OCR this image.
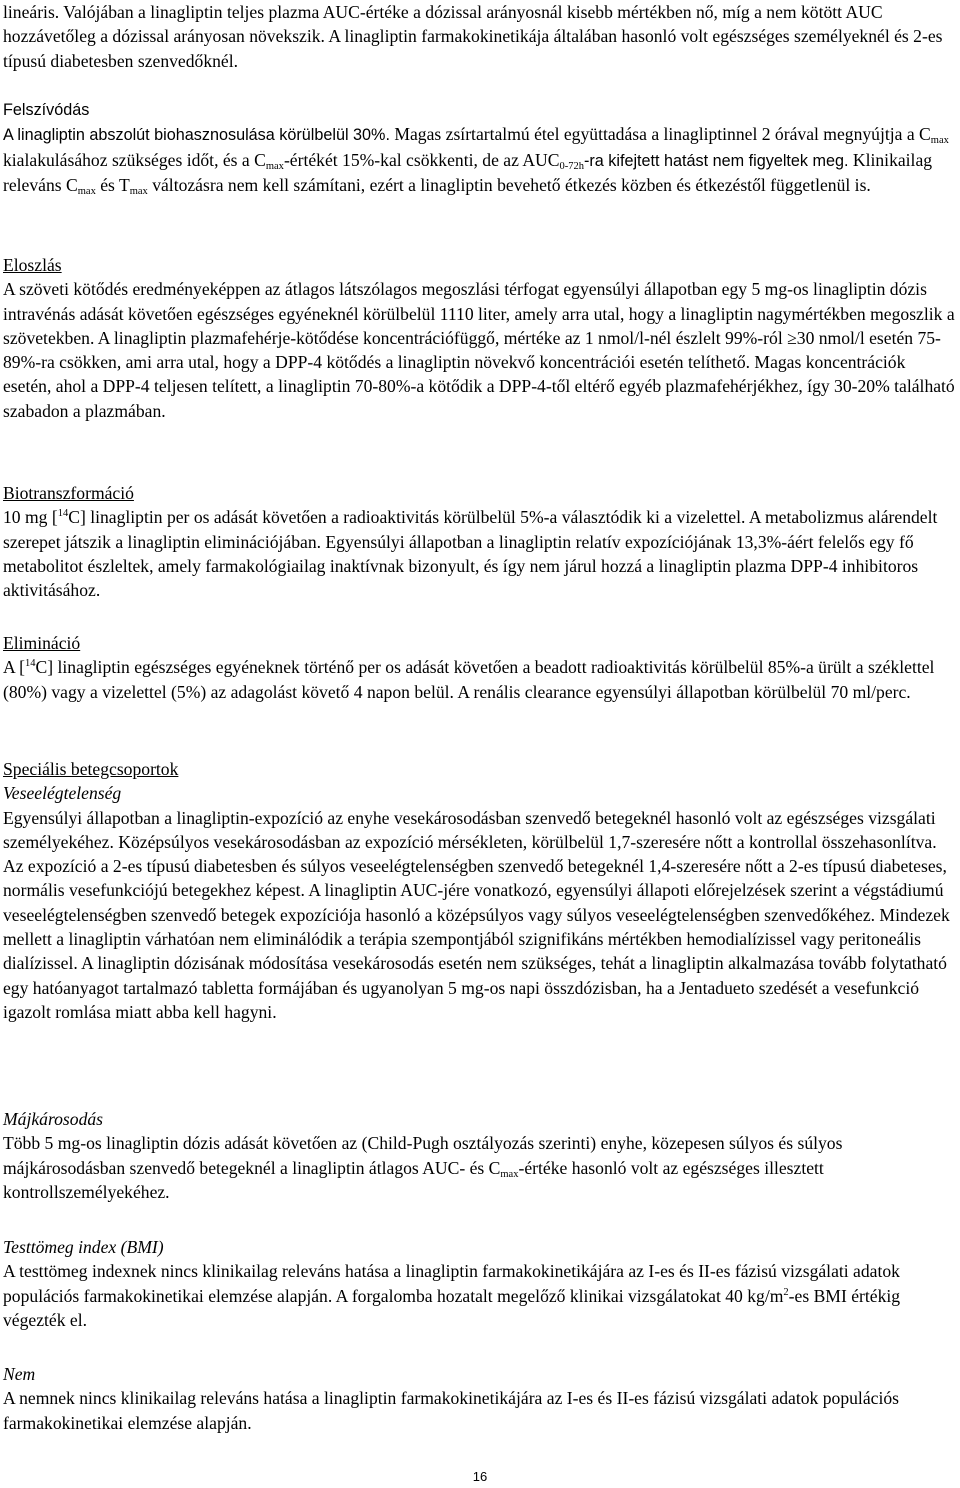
lineáris. Valójában a linagliptin teljes plazma AUC-értéke a dózissal arányosnál kisebb mértékben nő, míg a nem kötött AUC hozzávetőleg a dózissal arányosan növekszik. A linagliptin farmakokinetikája általában hasonló volt egészséges személyeknél és 2-es típusú diabetesben szenvedőknél.

Felszívódás

A linagliptin abszolút biohasznosulása körülbelül 30%. Magas zsírtartalmú étel együttadása a linagliptinnel 2 órával megnyújtja a $C_{max}$ kialakulásához szükséges időt, és a $C_{max}$-értékét 15%-kal csökkenti, de az $AUC_{0-72h}-ra$ kifejtett hatást nem figyeltek meg. Klinikailag releváns $C_{max}$ és $T_{max}$ változásra nem kell számítani, ezért a linagliptin bevehető étkezés közben és étkezéstől függetlenül is.

Eloszlás

A szöveti kötődés eredményeképpen az átlagos látszólagos megoszlási térfogat egyensúlyi állapotban egy 5 mg-os linagliptin dózis intravénás adását követően egészséges egyéneknél körülbelül 1110 liter, amely arra utal, hogy a linagliptin nagymértékben megoszlik a szövetekben. A linagliptin plazmafehérje-kötődése koncentrációfüggő, mértéke az 1 nmol/l-nél észlelt 99%-ról ≥30 nmol/l esetén 75-89%-ra csökken, ami arra utal, hogy a DPP-4 kötődés a linagliptin növekvő koncentrációi esetén telíthető. Magas koncentrációk esetén, ahol a DPP-4 teljesen telített, a linagliptin 70-80%-a kötődik a DPP-4-től eltérő egyéb plazmafehérjékhez, így 30-20% található szabadon a plazmában.

Biotranszformáció

10 mg [$^{14}$C] linagliptin per os adását követően a radioaktivitás körülbelül 5%-a választódik ki a vizelettel. A metabolizmus alárendelt szerepet játszik a linagliptin eliminációjában. Egyensúlyi állapotban a linagliptin relatív expozíciójának 13,3%-áért felelős egy fő metabolitot észleltek, amely farmakológiailag inaktívnak bizonyult, és így nem járul hozzá a linagliptin plazma DPP-4 inhibitoros aktivitásához.

Elimináció

A [$^{14}$C] linagliptin egészséges egyéneknek történő per os adását követően a beadott radioaktivitás körülbelül 85%-a ürült a széklettel (80%) vagy a vizelettel (5%) az adagolást követő 4 napon belül. A renális clearance egyensúlyi állapotban körülbelül 70 ml/perc.

Speciális betegcsoportok

Veseelégtelenség

Egyensúlyi állapotban a linagliptin-expozíció az enyhe vesekárosodásban szenvedő betegeknél hasonló volt az egészséges vizsgálati személyekéhez. Középsúlyos vesekárosodásban az expozíció mérsékleten, körülbelül 1,7-szeresére nőtt a kontrollal összehasonlítva. Az expozíció a 2-es típusú diabetesben és súlyos veseelégtelenségben szenvedő betegeknél 1,4-szeresére nőtt a 2-es típusú diabeteses, normális vesefunkciójú betegekhez képest. A linagliptin AUC-jére vonatkozó, egyensúlyi állapoti előrejelzések szerint a végstádiumú veseelégtelenségben szenvedő betegek expozíciója hasonló a középsúlyos vagy súlyos veseelégtelenségben szenvedőkéhez. Mindezek mellett a linagliptin várhatóan nem eliminálódik a terápia szempontjából szignifikáns mértékben hemodialízissel vagy peritoneális dialízissel. A linagliptin dózisának módosítása vesekárosodás esetén nem szükséges, tehát a linagliptin alkalmazása tovább folytatható egy hatóanyagot tartalmazó tabletta formájában és ugyanolyan 5 mg-os napi összdózisban, ha a Jentadueto szedését a vesefunkció igazolt romlása miatt abba kell hagyni.

Májkárosodás

Több 5 mg-os linagliptin dózis adását követően az (Child-Pugh osztályozás szerinti) enyhe, közepesen súlyos és súlyos májkárosodásban szenvedő betegeknél a linagliptin átlagos AUC- és $C_{max}$-értéke hasonló volt az egészséges illesztett kontrollszemélyekéhez.

Testtömeg index (BMI)

A testtömeg indexnek nincs klinikailag releváns hatása a linagliptin farmakokinetikájára az I-es és II-es fázisú vizsgálati adatok populációs farmakokinetikai elemzése alapján. A forgalomba hozatalt megelőző klinikai vizsgálatokat 40 $kg/m^2-es$ BMI értékig végezték el.

Nem

A nemnek nincs klinikailag releváns hatása a linagliptin farmakokinetikájára az I-es és II-es fázisú vizsgálati adatok populációs farmakokinetikai elemzése alapján.

16
